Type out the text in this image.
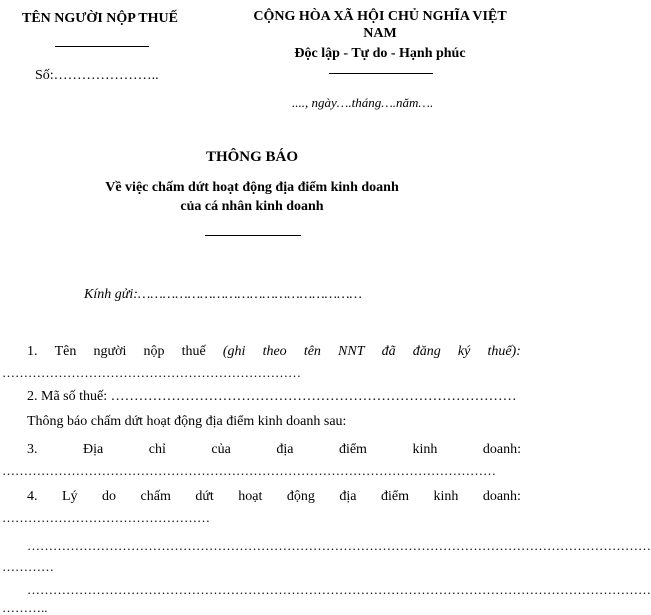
TÊN NGƯỜI NỘP THUẾ
Số:…………………..
CỘNG HÒA XÃ HỘI CHỦ NGHĨA VIỆT
NAM
Độc lập - Tự do - Hạnh phúc
...., ngày….tháng….năm….
THÔNG BÁO
Về việc chấm dứt hoạt động địa điểm kinh doanh
của cá nhân kinh doanh
Kính gửi:………………………………………………
1. Tên người nộp thuế (ghi theo tên NNT đã đăng ký thuế):
……………………………………………………………
2. Mã số thuế: ……………………………………………………………………………
Thông báo chấm dứt hoạt động địa điểm kinh doanh sau:
3.	Địa	chỉ	của	địa	điểm	kinh	doanh:
……………………………………………………………………………………………………
4. Lý do chấm dứt hoạt động địa điểm kinh doanh:
…………………………………………
………………………………………………………………………………………………………………………………
…………
………………………………………………………………………………………………………………………………
………..
